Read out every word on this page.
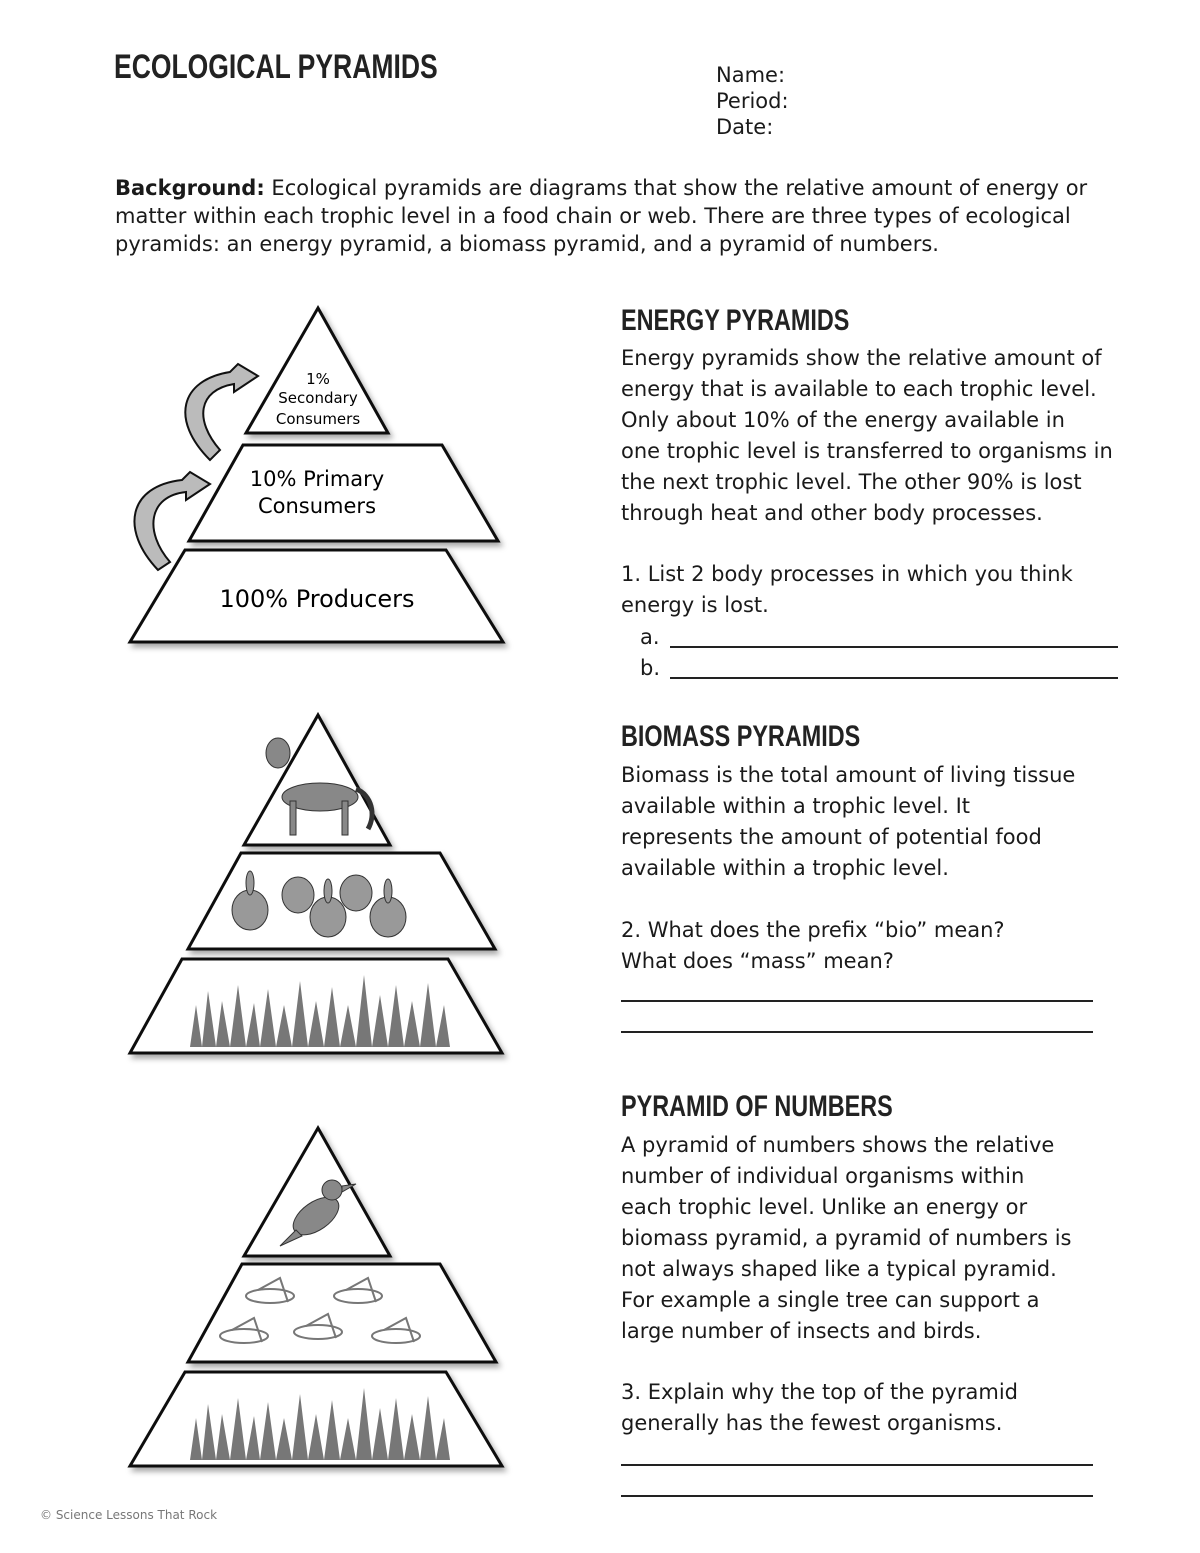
ECOLOGICAL PYRAMIDS	Name:
Period:
Date:
Background: Ecological pyramids are diagrams that show the relative amount of energy or matter within each trophic level in a food chain or web. There are three types of ecological pyramids: an energy pyramid, a biomass pyramid, and a pyramid of numbers.
1%
Secondary
Consumers
10% Primary
Consumers
100% Producers
ENERGY PYRAMIDS
Energy pyramids show the relative amount of
energy that is available to each trophic level.
Only about 10% of the energy available in
one trophic level is transferred to organisms in
the next trophic level. The other 90% is lost
through heat and other body processes.
1. List 2 body processes in which you think
energy is lost.
a.
b.
BIOMASS PYRAMIDS
Biomass is the total amount of living tissue
available within a trophic level. It
represents the amount of potential food
available within a trophic level.
2. What does the prefix “bio” mean?
What does “mass” mean?
PYRAMID OF NUMBERS
A pyramid of numbers shows the relative
number of individual organisms within
each trophic level. Unlike an energy or
biomass pyramid, a pyramid of numbers is
not always shaped like a typical pyramid.
For example a single tree can support a
large number of insects and birds.
3. Explain why the top of the pyramid
generally has the fewest organisms.
© Science Lessons That Rock
